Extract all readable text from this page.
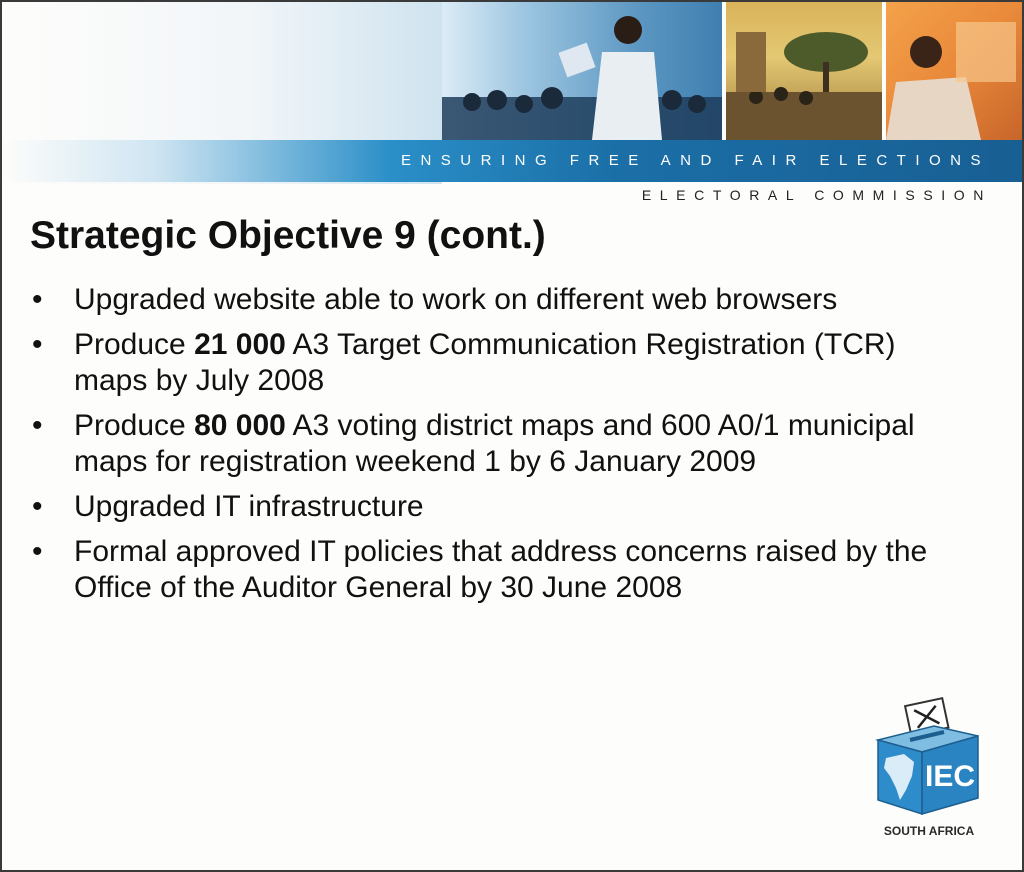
ENSURING FREE AND FAIR ELECTIONS
ELECTORAL COMMISSION
Strategic Objective 9 (cont.)
• Upgraded website able to work on different web browsers
• Produce 21 000 A3 Target Communication Registration (TCR) maps by July 2008
• Produce 80 000 A3 voting district maps and 600 A0/1 municipal maps for registration weekend 1 by 6 January 2009
• Upgraded IT infrastructure
• Formal approved IT policies that address concerns raised by the Office of the Auditor General by 30 June 2008
IEC
SOUTH AFRICA
